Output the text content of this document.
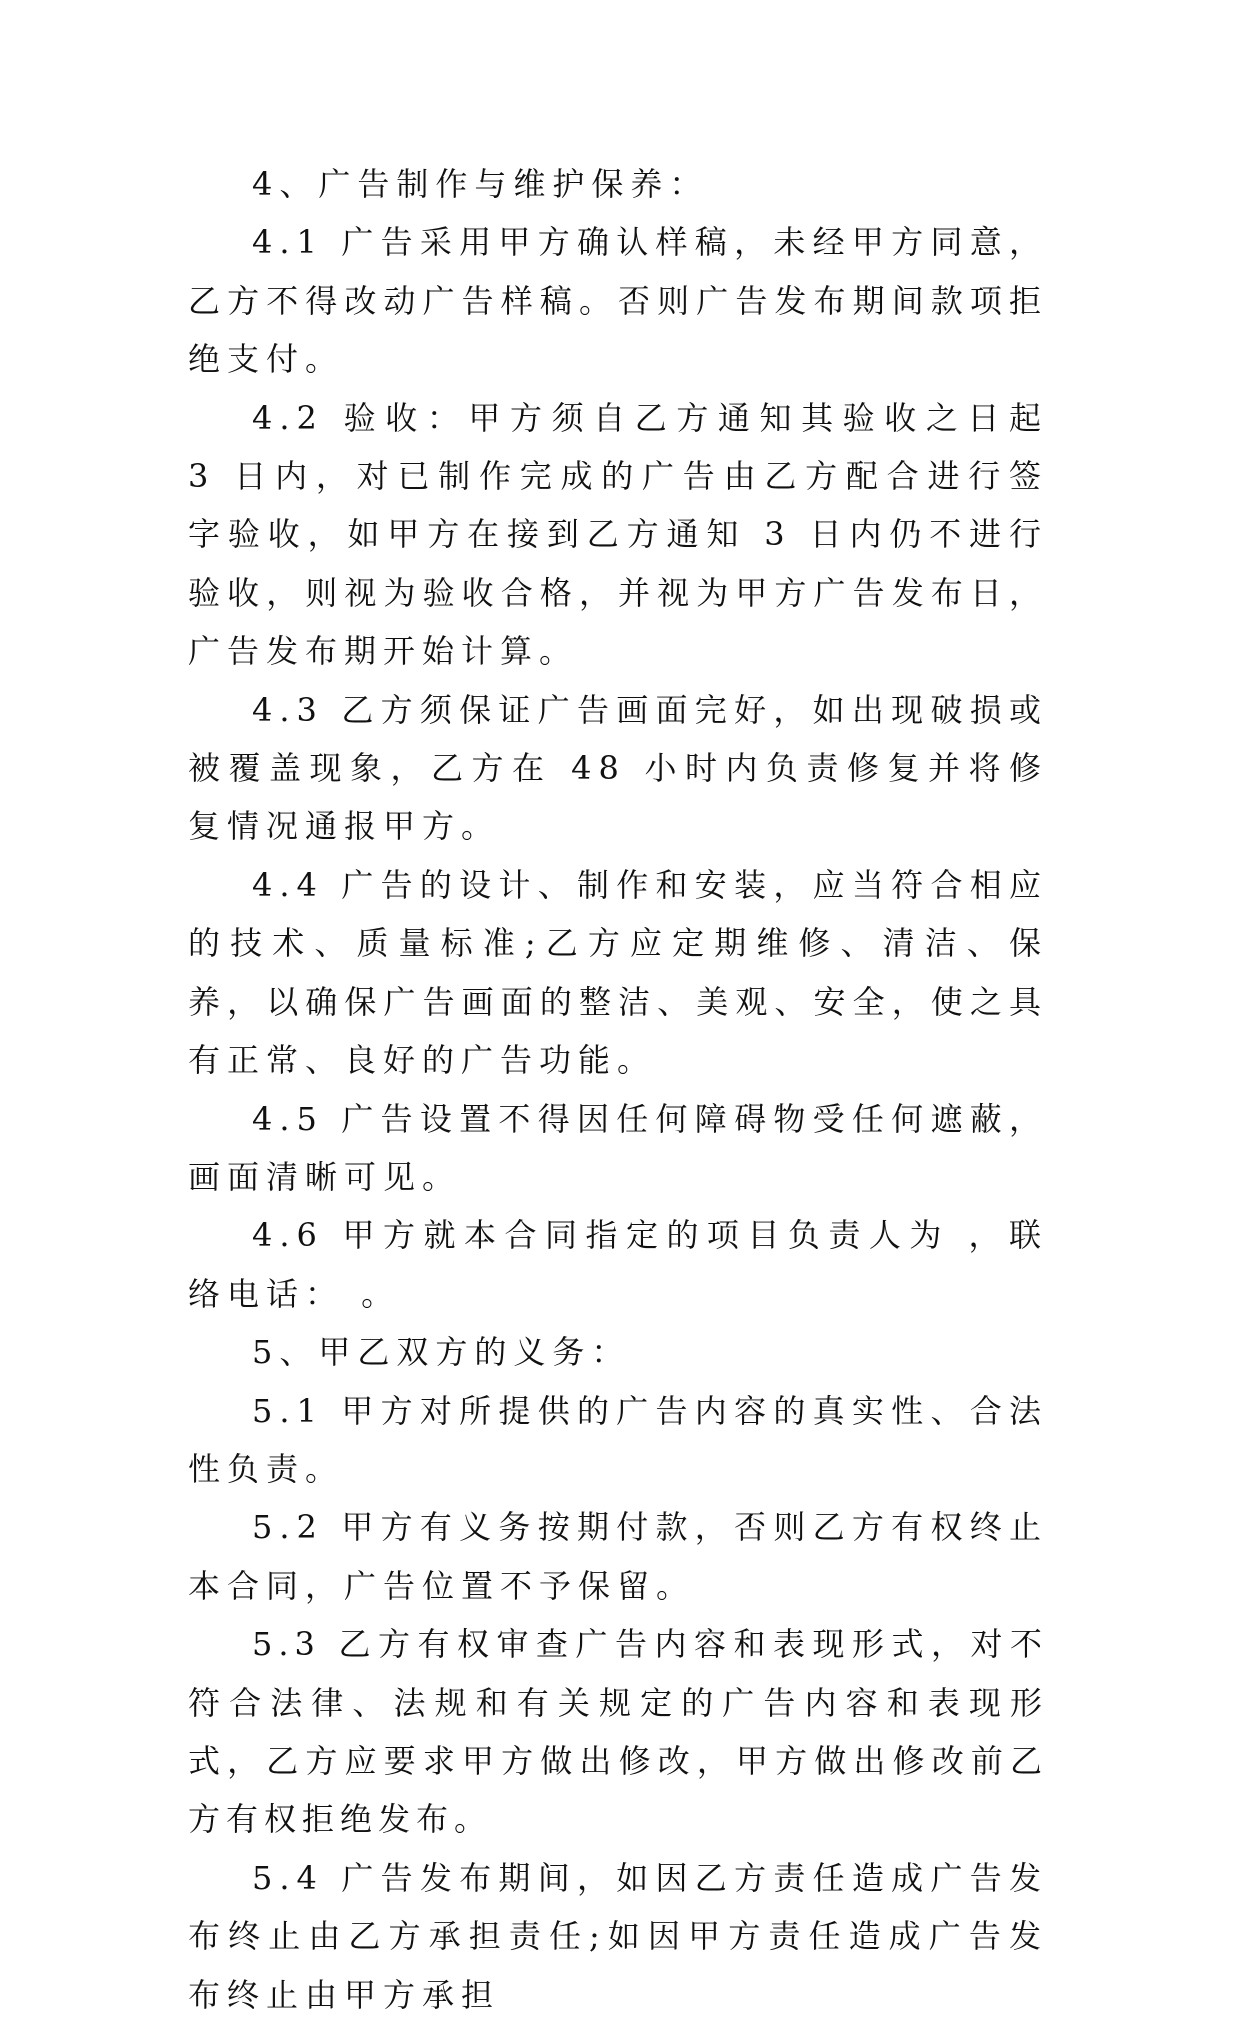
4、广告制作与维护保养：

4.1 广告采用甲方确认样稿，未经甲方同意，乙方不得改动广告样稿。否则广告发布期间款项拒绝支付。

4.2 验收：甲方须自乙方通知其验收之日起 3 日内，对已制作完成的广告由乙方配合进行签字验收，如甲方在接到乙方通知 3 日内仍不进行验收，则视为验收合格，并视为甲方广告发布日，广告发布期开始计算。

4.3 乙方须保证广告画面完好，如出现破损或被覆盖现象，乙方在 48 小时内负责修复并将修复情况通报甲方。

4.4 广告的设计、制作和安装，应当符合相应的技术、质量标准;乙方应定期维修、清洁、保养，以确保广告画面的整洁、美观、安全，使之具有正常、良好的广告功能。

4.5 广告设置不得因任何障碍物受任何遮蔽，画面清晰可见。

4.6 甲方就本合同指定的项目负责人为 ，联络电话： 。

5、甲乙双方的义务：

5.1 甲方对所提供的广告内容的真实性、合法性负责。

5.2 甲方有义务按期付款，否则乙方有权终止本合同，广告位置不予保留。

5.3 乙方有权审查广告内容和表现形式，对不符合法律、法规和有关规定的广告内容和表现形式，乙方应要求甲方做出修改，甲方做出修改前乙方有权拒绝发布。

5.4 广告发布期间，如因乙方责任造成广告发布终止由乙方承担责任;如因甲方责任造成广告发布终止由甲方承担
